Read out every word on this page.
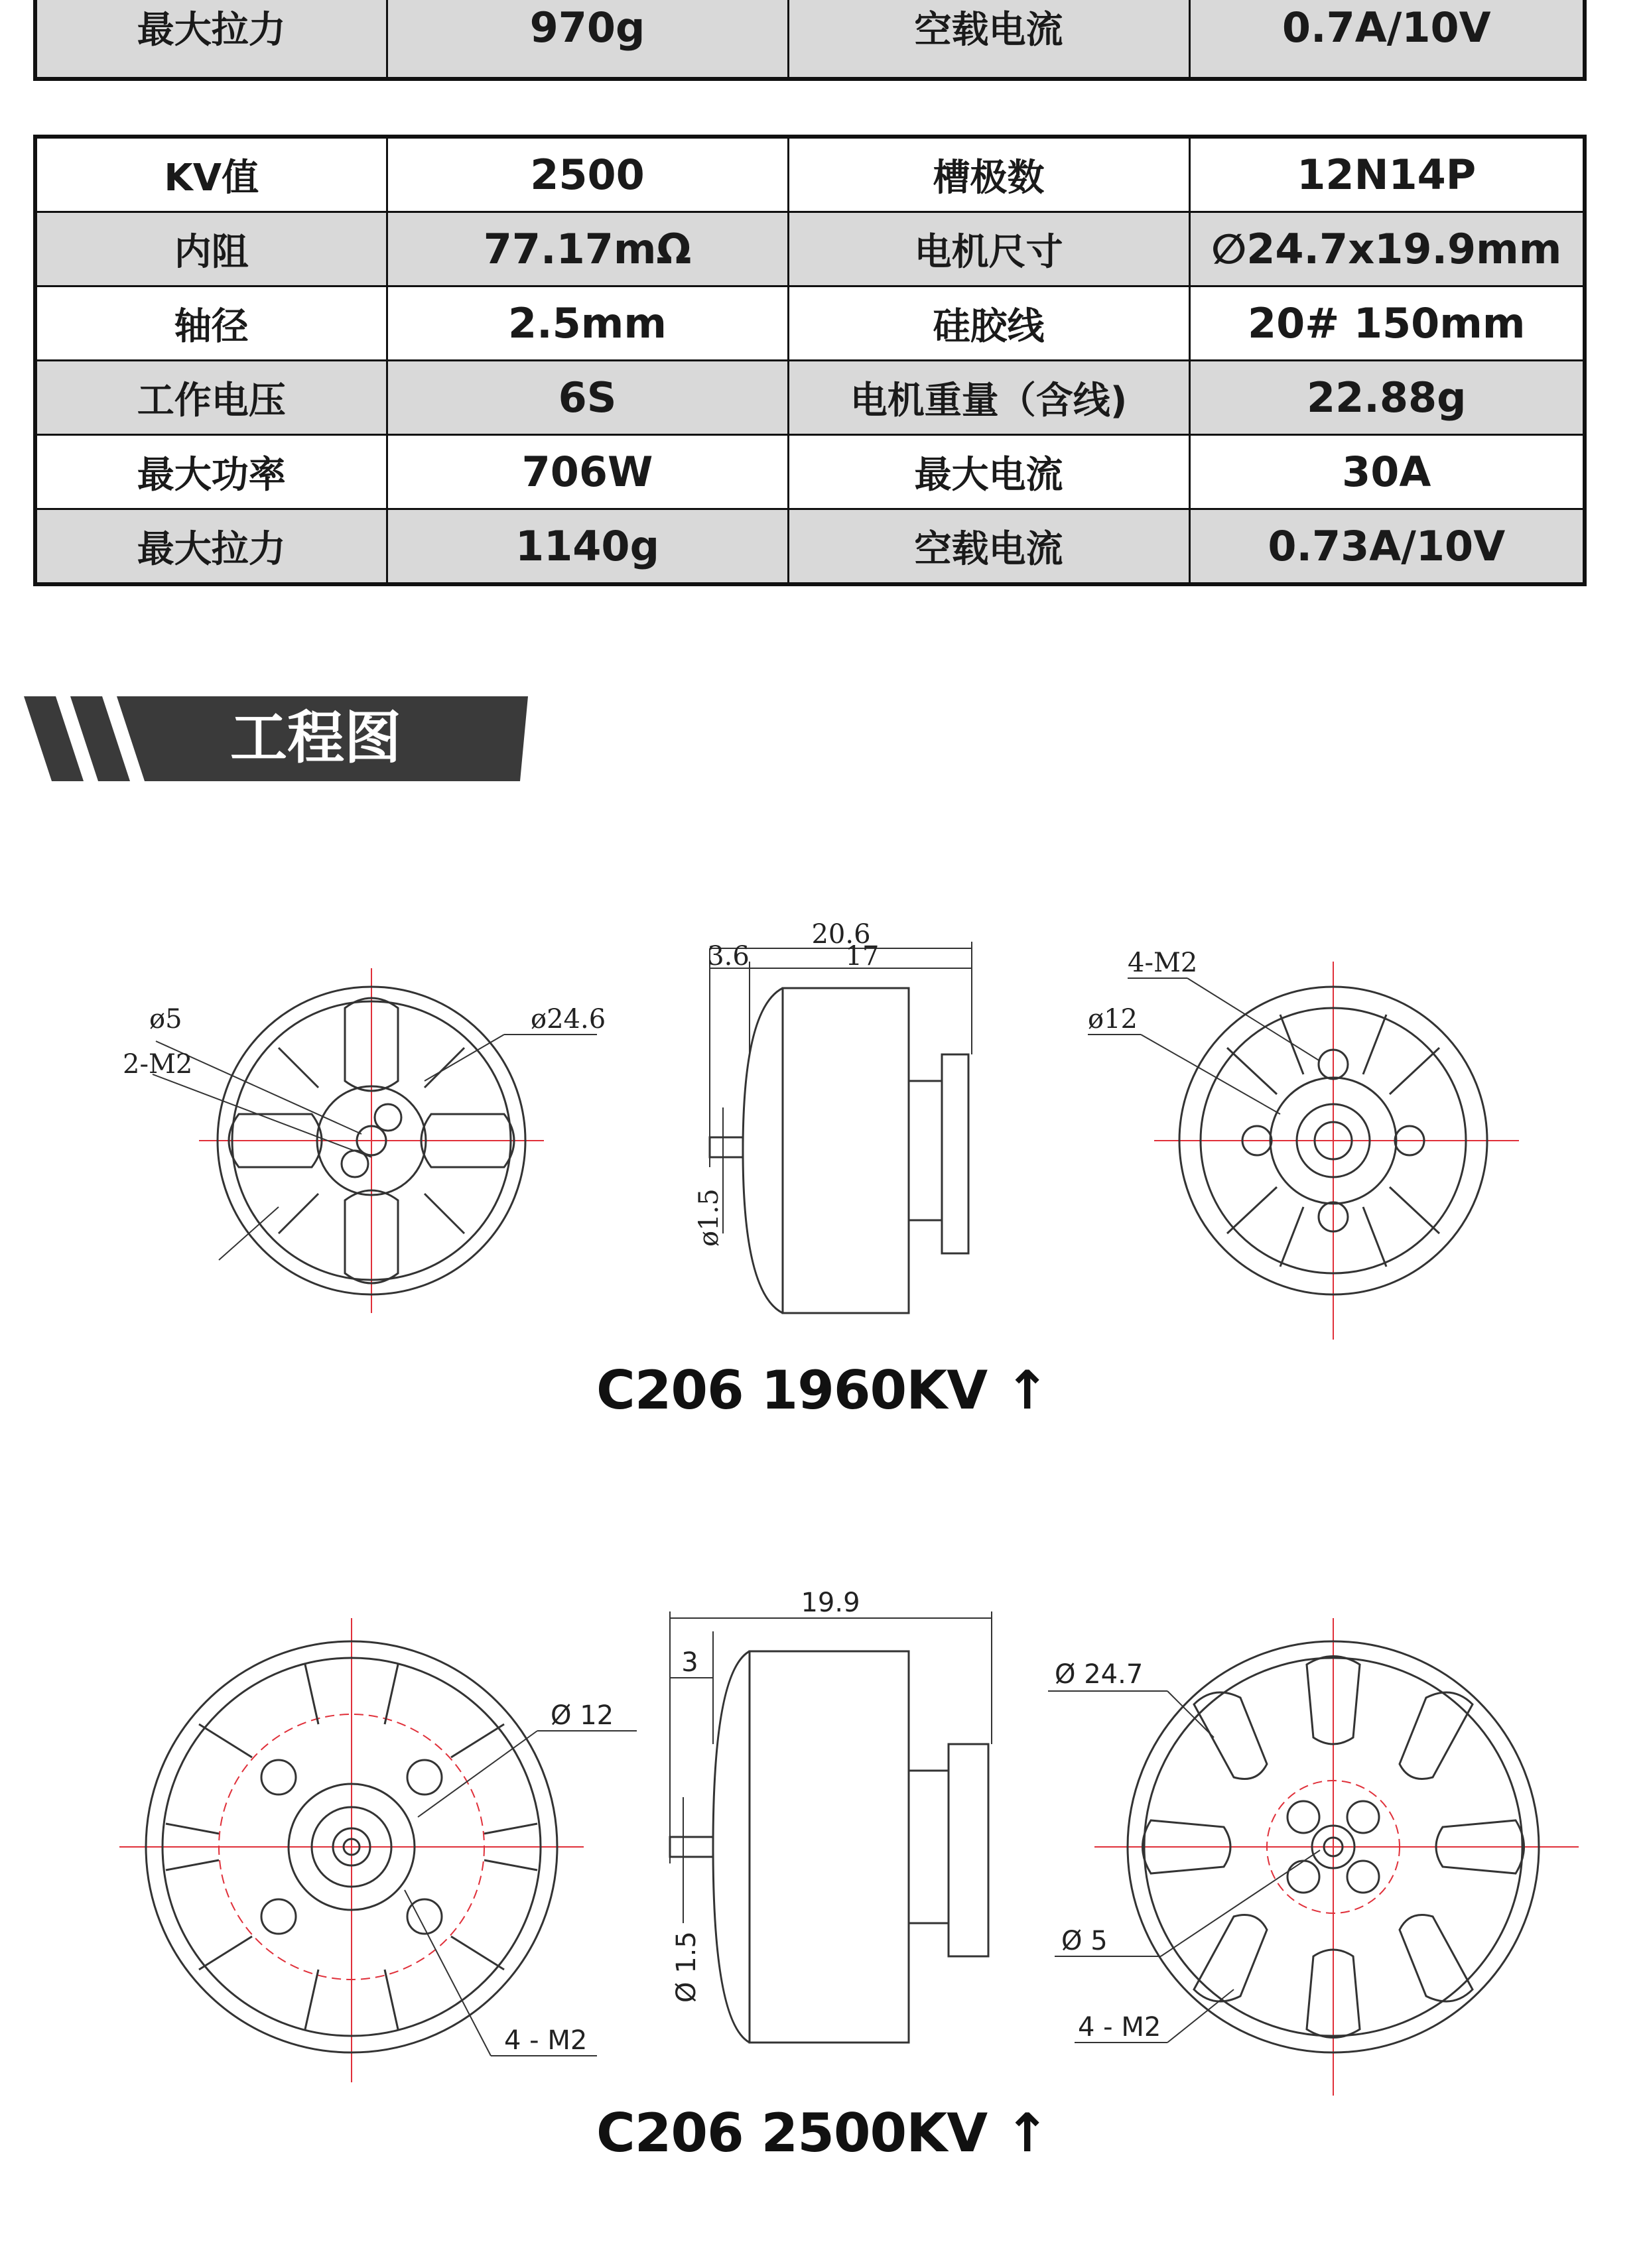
最大拉力	970g	空载电流	0.7A/10V
KV值	2500	槽极数	12N14P
内阻	77.17mΩ	电机尺寸	∅24.7x19.9mm
轴径	2.5mm	硅胶线	20# 150mm
工作电压	6S	电机重量（含线)	22.88g
最大功率	706W	最大电流	30A
最大拉力	1140g	空载电流	0.73A/10V
工程图
ø24.6
ø5
2-M2
20.6
3.6	17
ø1.5
4-M2
ø12
C206 1960KV ↑
Ø 12
4 - M2
19.9
3
Ø 1.5
Ø 24.7
Ø 5
4 - M2
C206 2500KV ↑
